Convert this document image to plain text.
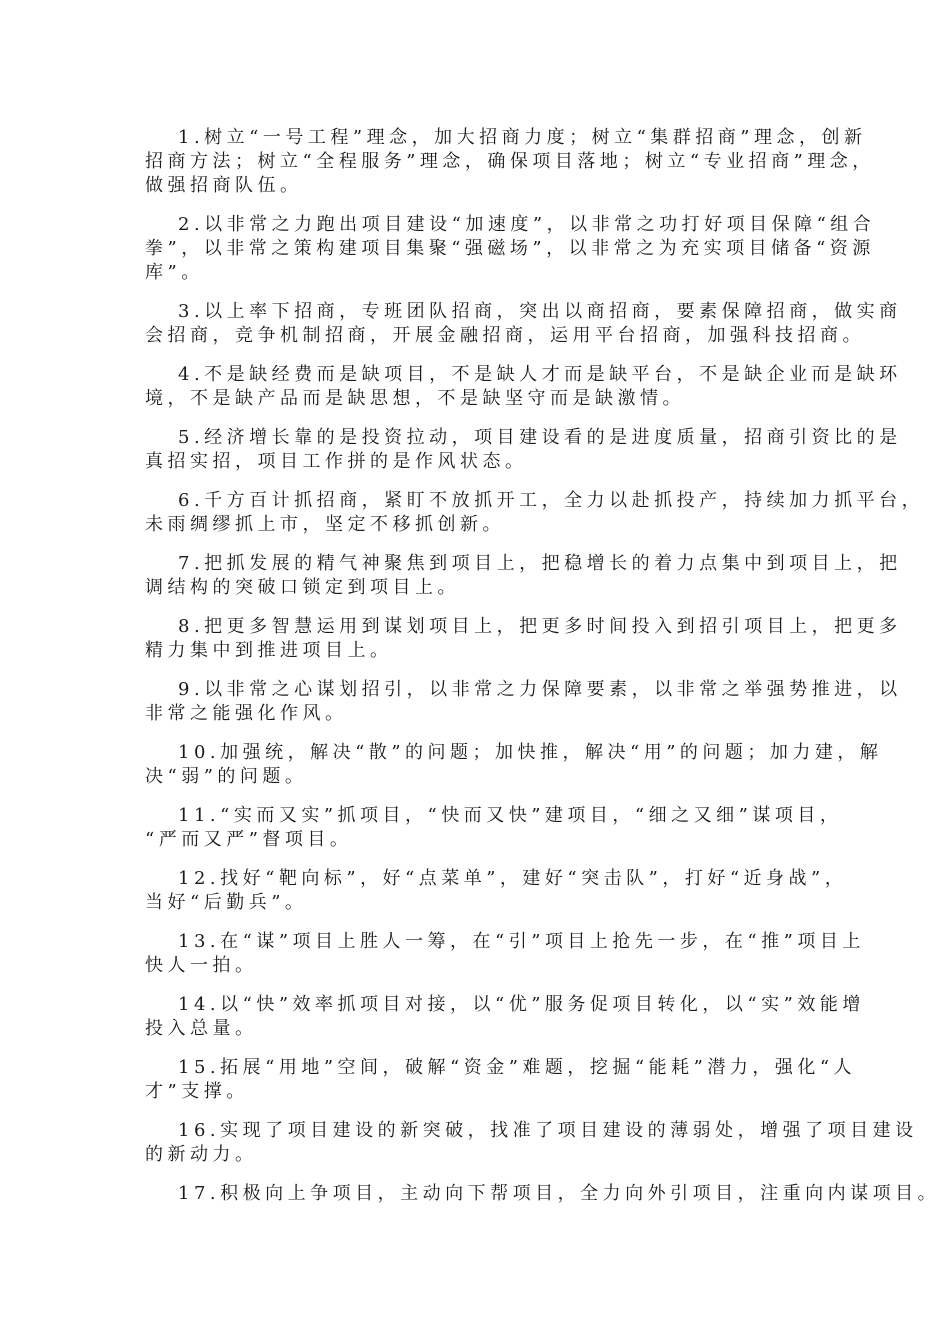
1.树立“一号工程”理念，加大招商力度；树立“集群招商”理念，创新
招商方法；树立“全程服务”理念，确保项目落地；树立“专业招商”理念，
做强招商队伍。
2.以非常之力跑出项目建设“加速度”，以非常之功打好项目保障“组合
拳”，以非常之策构建项目集聚“强磁场”，以非常之为充实项目储备“资源
库”。
3.以上率下招商，专班团队招商，突出以商招商，要素保障招商，做实商
会招商，竞争机制招商，开展金融招商，运用平台招商，加强科技招商。
4.不是缺经费而是缺项目，不是缺人才而是缺平台，不是缺企业而是缺环
境，不是缺产品而是缺思想，不是缺坚守而是缺激情。
5.经济增长靠的是投资拉动，项目建设看的是进度质量，招商引资比的是
真招实招，项目工作拼的是作风状态。
6.千方百计抓招商，紧盯不放抓开工，全力以赴抓投产，持续加力抓平台，
未雨绸缪抓上市，坚定不移抓创新。
7.把抓发展的精气神聚焦到项目上，把稳增长的着力点集中到项目上，把
调结构的突破口锁定到项目上。
8.把更多智慧运用到谋划项目上，把更多时间投入到招引项目上，把更多
精力集中到推进项目上。
9.以非常之心谋划招引，以非常之力保障要素，以非常之举强势推进，以
非常之能强化作风。
10.加强统，解决“散”的问题；加快推，解决“用”的问题；加力建，解
决“弱”的问题。
11.“实而又实”抓项目，“快而又快”建项目，“细之又细”谋项目，
“严而又严”督项目。
12.找好“靶向标”，好“点菜单”，建好“突击队”，打好“近身战”，
当好“后勤兵”。
13.在“谋”项目上胜人一筹，在“引”项目上抢先一步，在“推”项目上
快人一拍。
14.以“快”效率抓项目对接，以“优”服务促项目转化，以“实”效能增
投入总量。
15.拓展“用地”空间，破解“资金”难题，挖掘“能耗”潜力，强化“人
才”支撑。
16.实现了项目建设的新突破，找准了项目建设的薄弱处，增强了项目建设
的新动力。
17.积极向上争项目，主动向下帮项目，全力向外引项目，注重向内谋项目。
